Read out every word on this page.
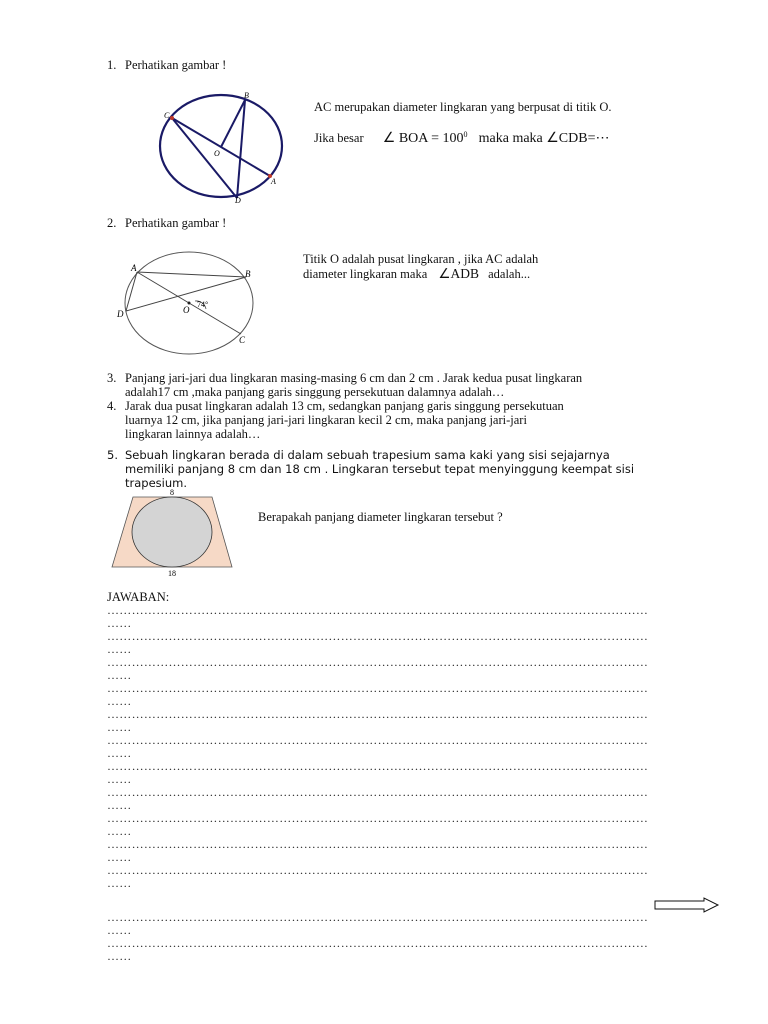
1. Perhatikan gambar !
B
C
O
A
D
AC merupakan diameter lingkaran yang berpusat di titik O.
Jika besar ∠ BOA = $100^0$ maka maka ∠CDB=⋯
2. Perhatikan gambar !
A
B
D	O
C
74°
Titik O adalah pusat lingkaran , jika AC adalah
diameter lingkaran maka ∠ADB adalah...
3. Panjang jari-jari dua lingkaran masing-masing 6 cm dan 2 cm . Jarak kedua pusat lingkaran
adalah17 cm ,maka panjang garis singgung persekutuan dalamnya adalah…
4. Jarak dua pusat lingkaran adalah 13 cm, sedangkan panjang garis singgung persekutuan
luarnya 12 cm, jika panjang jari-jari lingkaran kecil 2 cm, maka panjang jari-jari
lingkaran lainnya adalah…
5. Sebuah lingkaran berada di dalam sebuah trapesium sama kaki yang sisi sejajarnya
memiliki panjang 8 cm dan 18 cm . Lingkaran tersebut tepat menyinggung keempat sisi
trapesium.
8
18
Berapakah panjang diameter lingkaran tersebut ?
JAWABAN:
……………………………………………………………………………………………………………………
……
……………………………………………………………………………………………………………………
……
……………………………………………………………………………………………………………………
……
……………………………………………………………………………………………………………………
……
……………………………………………………………………………………………………………………
……
……………………………………………………………………………………………………………………
……
……………………………………………………………………………………………………………………
……
……………………………………………………………………………………………………………………
……
……………………………………………………………………………………………………………………
……
……………………………………………………………………………………………………………………
……
……………………………………………………………………………………………………………………
……
……………………………………………………………………………………………………………………
……
……………………………………………………………………………………………………………………
……
